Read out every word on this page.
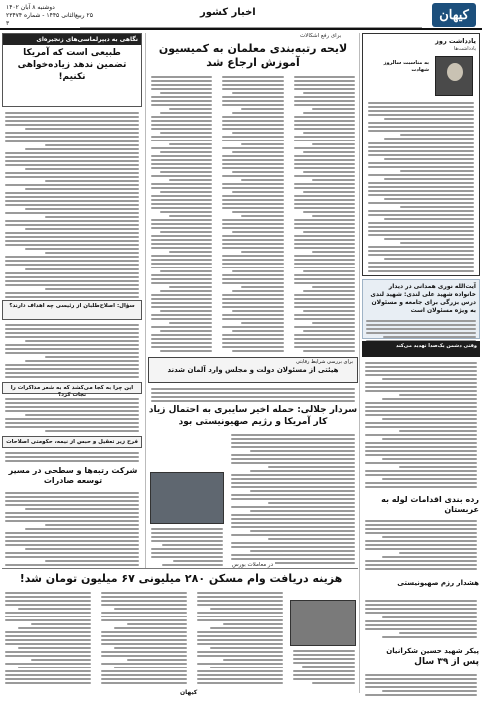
کیهان
اخبار کشور
دوشنبه ۸ آبان ۱۴۰۲
۲۵ ربیع‌الثانی ۱۴۴۵ - شماره ۲۳۴۷۴
۳
یادداشت روز
یادداشت‌ها
به مناسبت سالروز شهادت
آیت‌الله نوری همدانی در دیدار خانواده شهید علی لندی: شهید لندی درس بزرگی برای جامعه و مسئولان به ویژه مسئولان است
وقتی دشمن یک‌صدا تهدید می‌کند
رده بندی اقدامات لوله به عربستان
هشدار رزم‌ صهیونیستی
پیکر شهید حسین شکرانیان
پس از ۳۹ سال
برای رفع اشکالات
لایحه رتبه‌بندی معلمان به کمیسیون آموزش ارجاع شد
برای بررسی شرایط رقابتی
هیئتی از مسئولان دولت و مجلس وارد آلمان شدند
سردار جلالی: حمله اخیر سایبری به احتمال زیاد کار آمریکا و رژیم صهیونیستی بود
نگاهی به دیپرلماسی‌های زنجیره‌ای
طبیعی است که آمریکا تضمین ندهد زیاده‌خواهی نکنیم!
سؤال: اصلاح‌طلبان از رئیسی چه اهداف دارند؟
این چرا به کجا می‌کشد که به شعر مذاکرات را نجات کرد؟
فرح زیر تعقیل و حبس از نیمه، حکومتی اصلاحات
شرکت رتبه‌ها و سطحی در مسیر توسعه صادرات
در معاملات بورس
هزینه دریافت وام مسکن ۲۸۰ میلیونی ۶۷ میلیون تومان شد!
کیهان
